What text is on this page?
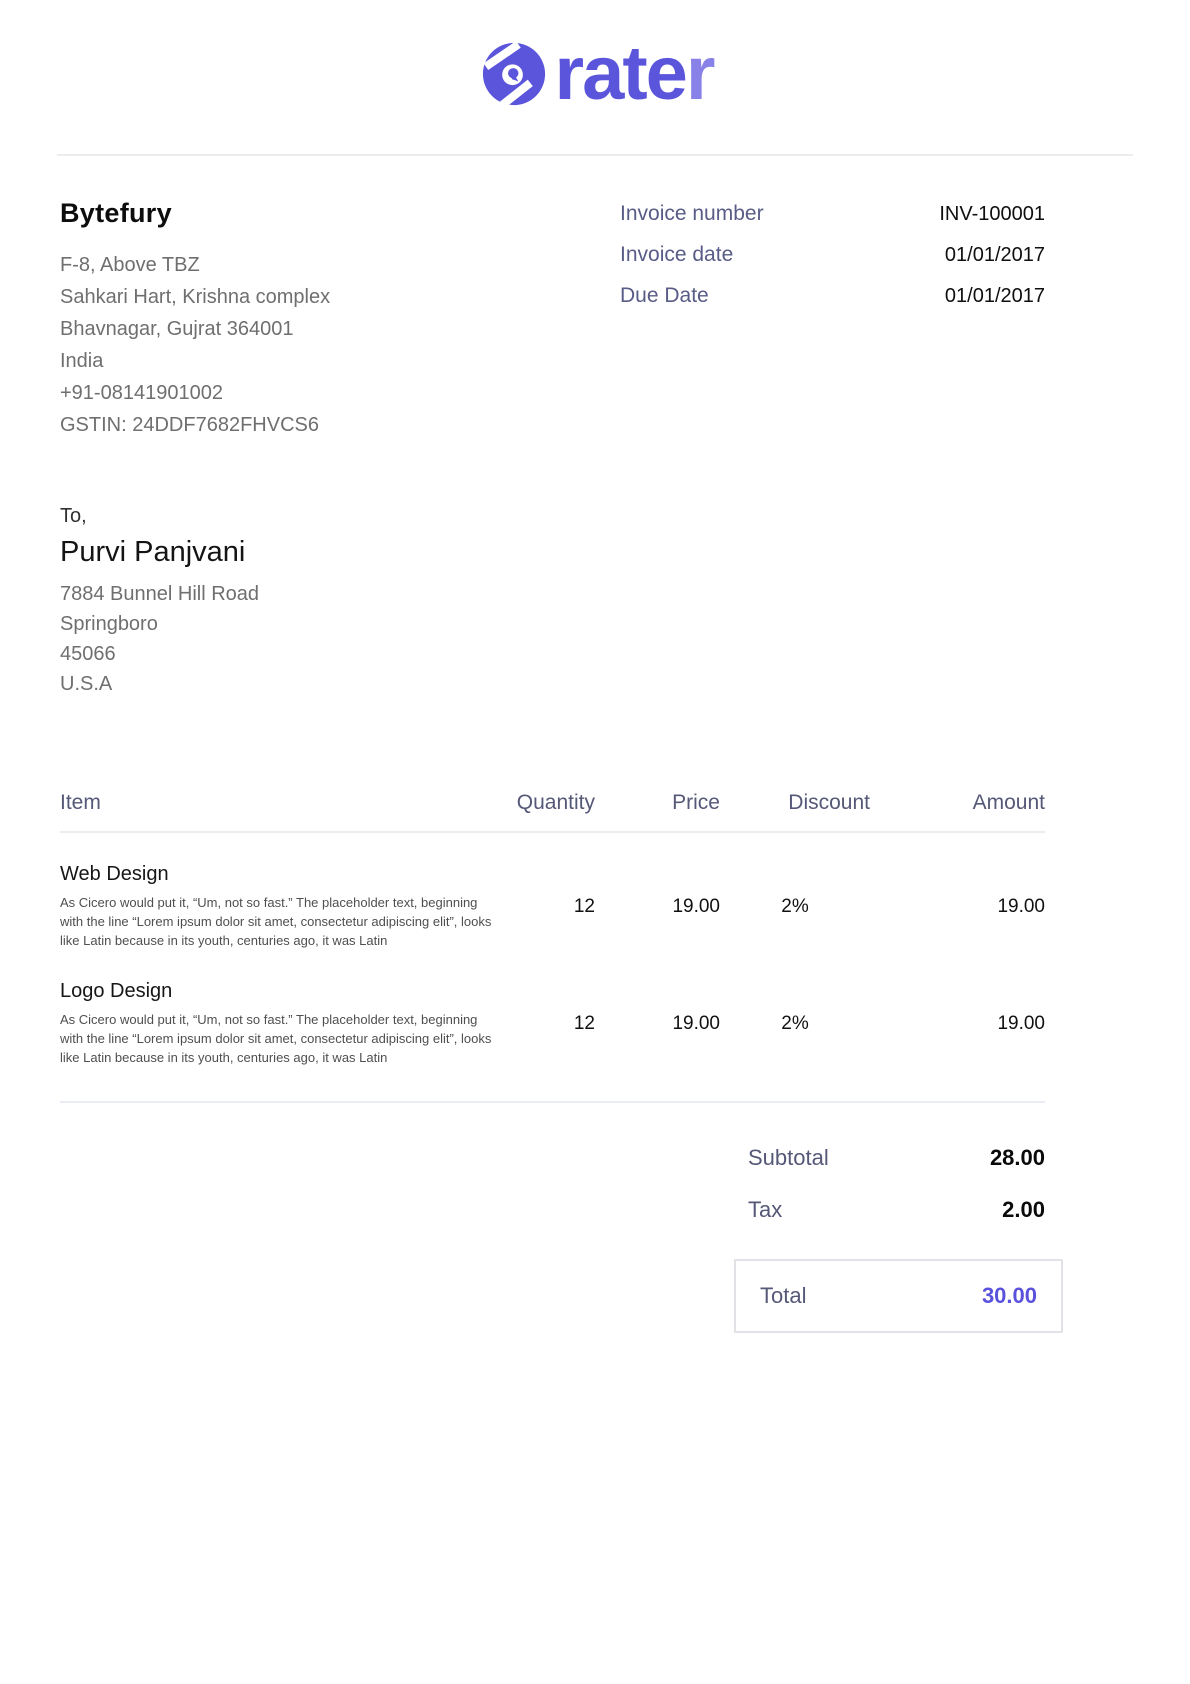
rate r
Bytefury
F-8, Above TBZ
Sahkari Hart, Krishna complex
Bhavnagar, Gujrat 364001
India
+91-08141901002
GSTIN: 24DDF7682FHVCS6
Invoice number	INV-100001
Invoice date	01/01/2017
Due Date	01/01/2017
To,
Purvi Panjvani
7884 Bunnel Hill Road
Springboro
45066
U.S.A
Item	Quantity	Price	Discount	Amount
Web Design
As Cicero would put it, “Um, not so fast.” The placeholder text, beginning with the line “Lorem ipsum dolor sit amet, consectetur adipiscing elit”, looks like Latin because in its youth, centuries ago, it was Latin
12	19.00	2%	19.00
Logo Design
As Cicero would put it, “Um, not so fast.” The placeholder text, beginning with the line “Lorem ipsum dolor sit amet, consectetur adipiscing elit”, looks like Latin because in its youth, centuries ago, it was Latin
12	19.00	2%	19.00
Subtotal	28.00
Tax	2.00
Total	30.00
